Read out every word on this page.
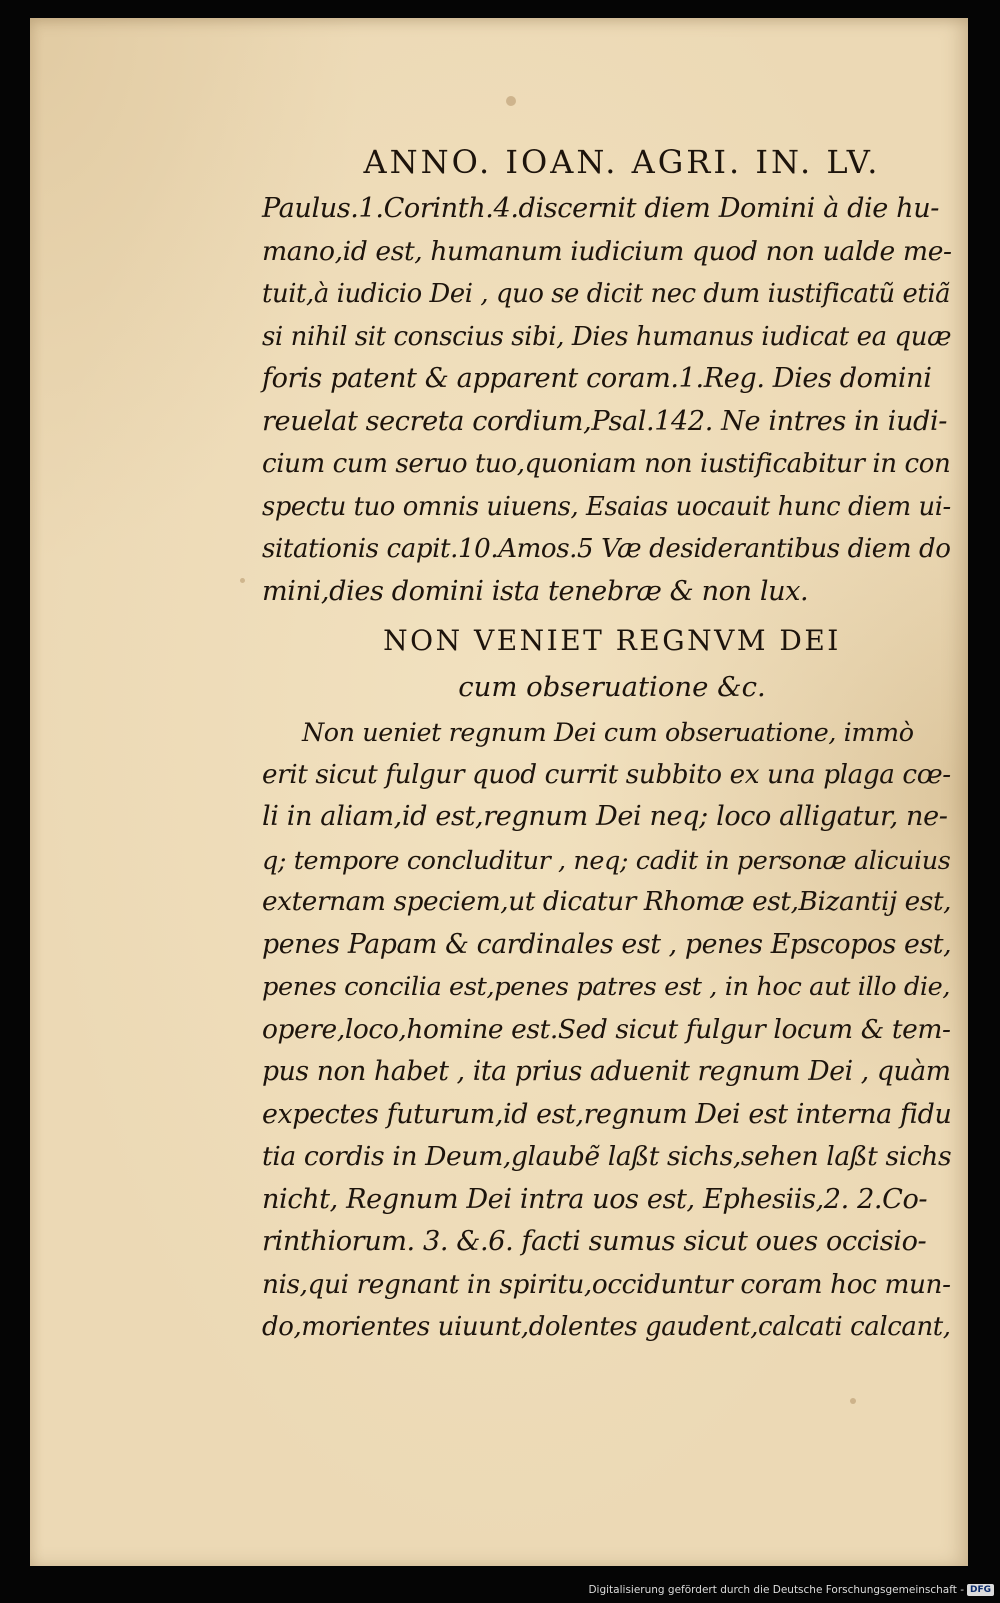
ANNO. IOAN. AGRI. IN. LV.
Paulus.1.Corinth.4.discernit diem Domini à die hu-
mano,id est, humanum iudicium quod non ualde me-
tuit,à iudicio Dei , quo se dicit nec dum iustificatũ etiã
si nihil sit conscius sibi, Dies humanus iudicat ea quæ
foris patent & apparent coram.1.Reg. Dies domini
reuelat secreta cordium,Psal.142. Ne intres in iudi-
cium cum seruo tuo,quoniam non iustificabitur in con
spectu tuo omnis uiuens, Esaias uocauit hunc diem ui-
sitationis capit.10.Amos.5 Væ desiderantibus diem do
mini,dies domini ista tenebræ & non lux.
NON VENIET REGNVM DEI
cum obseruatione &c.
Non ueniet regnum Dei cum obseruatione, immò
erit sicut fulgur quod currit subbito ex una plaga cœ-
li in aliam,id est,regnum Dei neq; loco alligatur, ne-
q; tempore concluditur , neq; cadit in personæ alicuius
externam speciem,ut dicatur Rhomæ est,Bizantij est,
penes Papam & cardinales est , penes Epscopos est,
penes concilia est,penes patres est , in hoc aut illo die,
opere,loco,homine est.Sed sicut fulgur locum & tem-
pus non habet , ita prius aduenit regnum Dei , quàm
expectes futurum,id est,regnum Dei est interna fidu
tia cordis in Deum,glaubẽ laßt sichs,sehen laßt sichs
nicht, Regnum Dei intra uos est, Ephesiis,2. 2.Co-
rinthiorum. 3. &.6. facti sumus sicut oues occisio-
nis,qui regnant in spiritu,occiduntur coram hoc mun-
do,morientes uiuunt,dolentes gaudent,calcati calcant,
Digitalisierung gefördert durch die Deutsche Forschungsgemeinschaft - DFG
